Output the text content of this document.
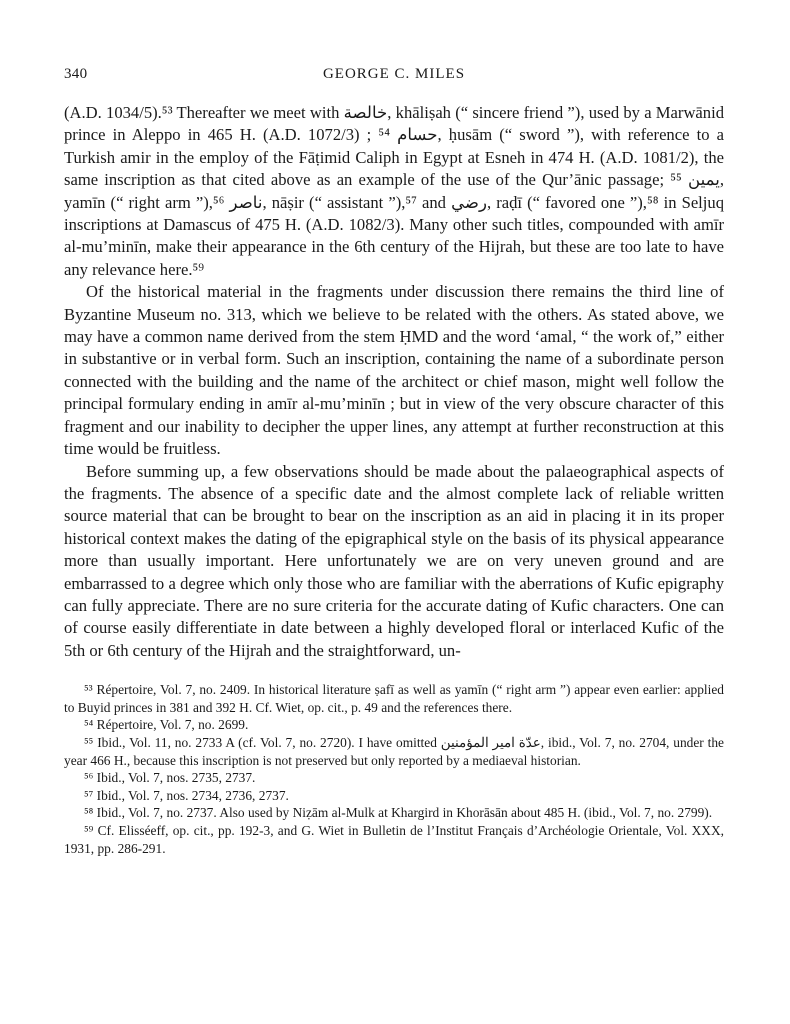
340	GEORGE C. MILES

(A.D. 1034/5).⁵³ Thereafter we meet with خالصة, khāliṣah (“ sincere friend ”), used by a Marwānid prince in Aleppo in 465 H. (A.D. 1072/3) ; ⁵⁴ حسام, ḥusām (“ sword ”), with reference to a Turkish amir in the employ of the Fāṭimid Caliph in Egypt at Esneh in 474 H. (A.D. 1081/2), the same inscription as that cited above as an example of the use of the Qur’ānic passage; ⁵⁵ يمين, yamīn (“ right arm ”),⁵⁶ ناصر, nāṣir (“ assistant ”),⁵⁷ and رضي, raḍī (“ favored one ”),⁵⁸ in Seljuq inscriptions at Damascus of 475 H. (A.D. 1082/3). Many other such titles, compounded with amīr al-mu’minīn, make their appearance in the 6th century of the Hijrah, but these are too late to have any relevance here.⁵⁹

Of the historical material in the fragments under discussion there remains the third line of Byzantine Museum no. 313, which we believe to be related with the others. As stated above, we may have a common name derived from the stem ḤMD and the word ‘amal, “ the work of,” either in substantive or in verbal form. Such an inscription, containing the name of a subordinate person connected with the building and the name of the architect or chief mason, might well follow the principal formulary ending in amīr al-mu’minīn ; but in view of the very obscure character of this fragment and our inability to decipher the upper lines, any attempt at further reconstruction at this time would be fruitless.

Before summing up, a few observations should be made about the palaeographical aspects of the fragments. The absence of a specific date and the almost complete lack of reliable written source material that can be brought to bear on the inscription as an aid in placing it in its proper historical context makes the dating of the epigraphical style on the basis of its physical appearance more than usually important. Here unfortunately we are on very uneven ground and are embarrassed to a degree which only those who are familiar with the aberrations of Kufic epigraphy can fully appreciate. There are no sure criteria for the accurate dating of Kufic characters. One can of course easily differentiate in date between a highly developed floral or interlaced Kufic of the 5th or 6th century of the Hijrah and the straightforward, un-

⁵³ Répertoire, Vol. 7, no. 2409. In historical literature ṣafī as well as yamīn (“ right arm ”) appear even earlier: applied to Buyid princes in 381 and 392 H. Cf. Wiet, op. cit., p. 49 and the references there.

⁵⁴ Répertoire, Vol. 7, no. 2699.

⁵⁵ Ibid., Vol. 11, no. 2733 A (cf. Vol. 7, no. 2720). I have omitted عدّة امير المؤمنين, ibid., Vol. 7, no. 2704, under the year 466 H., because this inscription is not preserved but only reported by a mediaeval historian.

⁵⁶ Ibid., Vol. 7, nos. 2735, 2737.

⁵⁷ Ibid., Vol. 7, nos. 2734, 2736, 2737.

⁵⁸ Ibid., Vol. 7, no. 2737. Also used by Niẓām al-Mulk at Khargird in Khorāsān about 485 H. (ibid., Vol. 7, no. 2799).

⁵⁹ Cf. Elisséeff, op. cit., pp. 192-3, and G. Wiet in Bulletin de l’Institut Français d’Archéologie Orientale, Vol. XXX, 1931, pp. 286-291.
